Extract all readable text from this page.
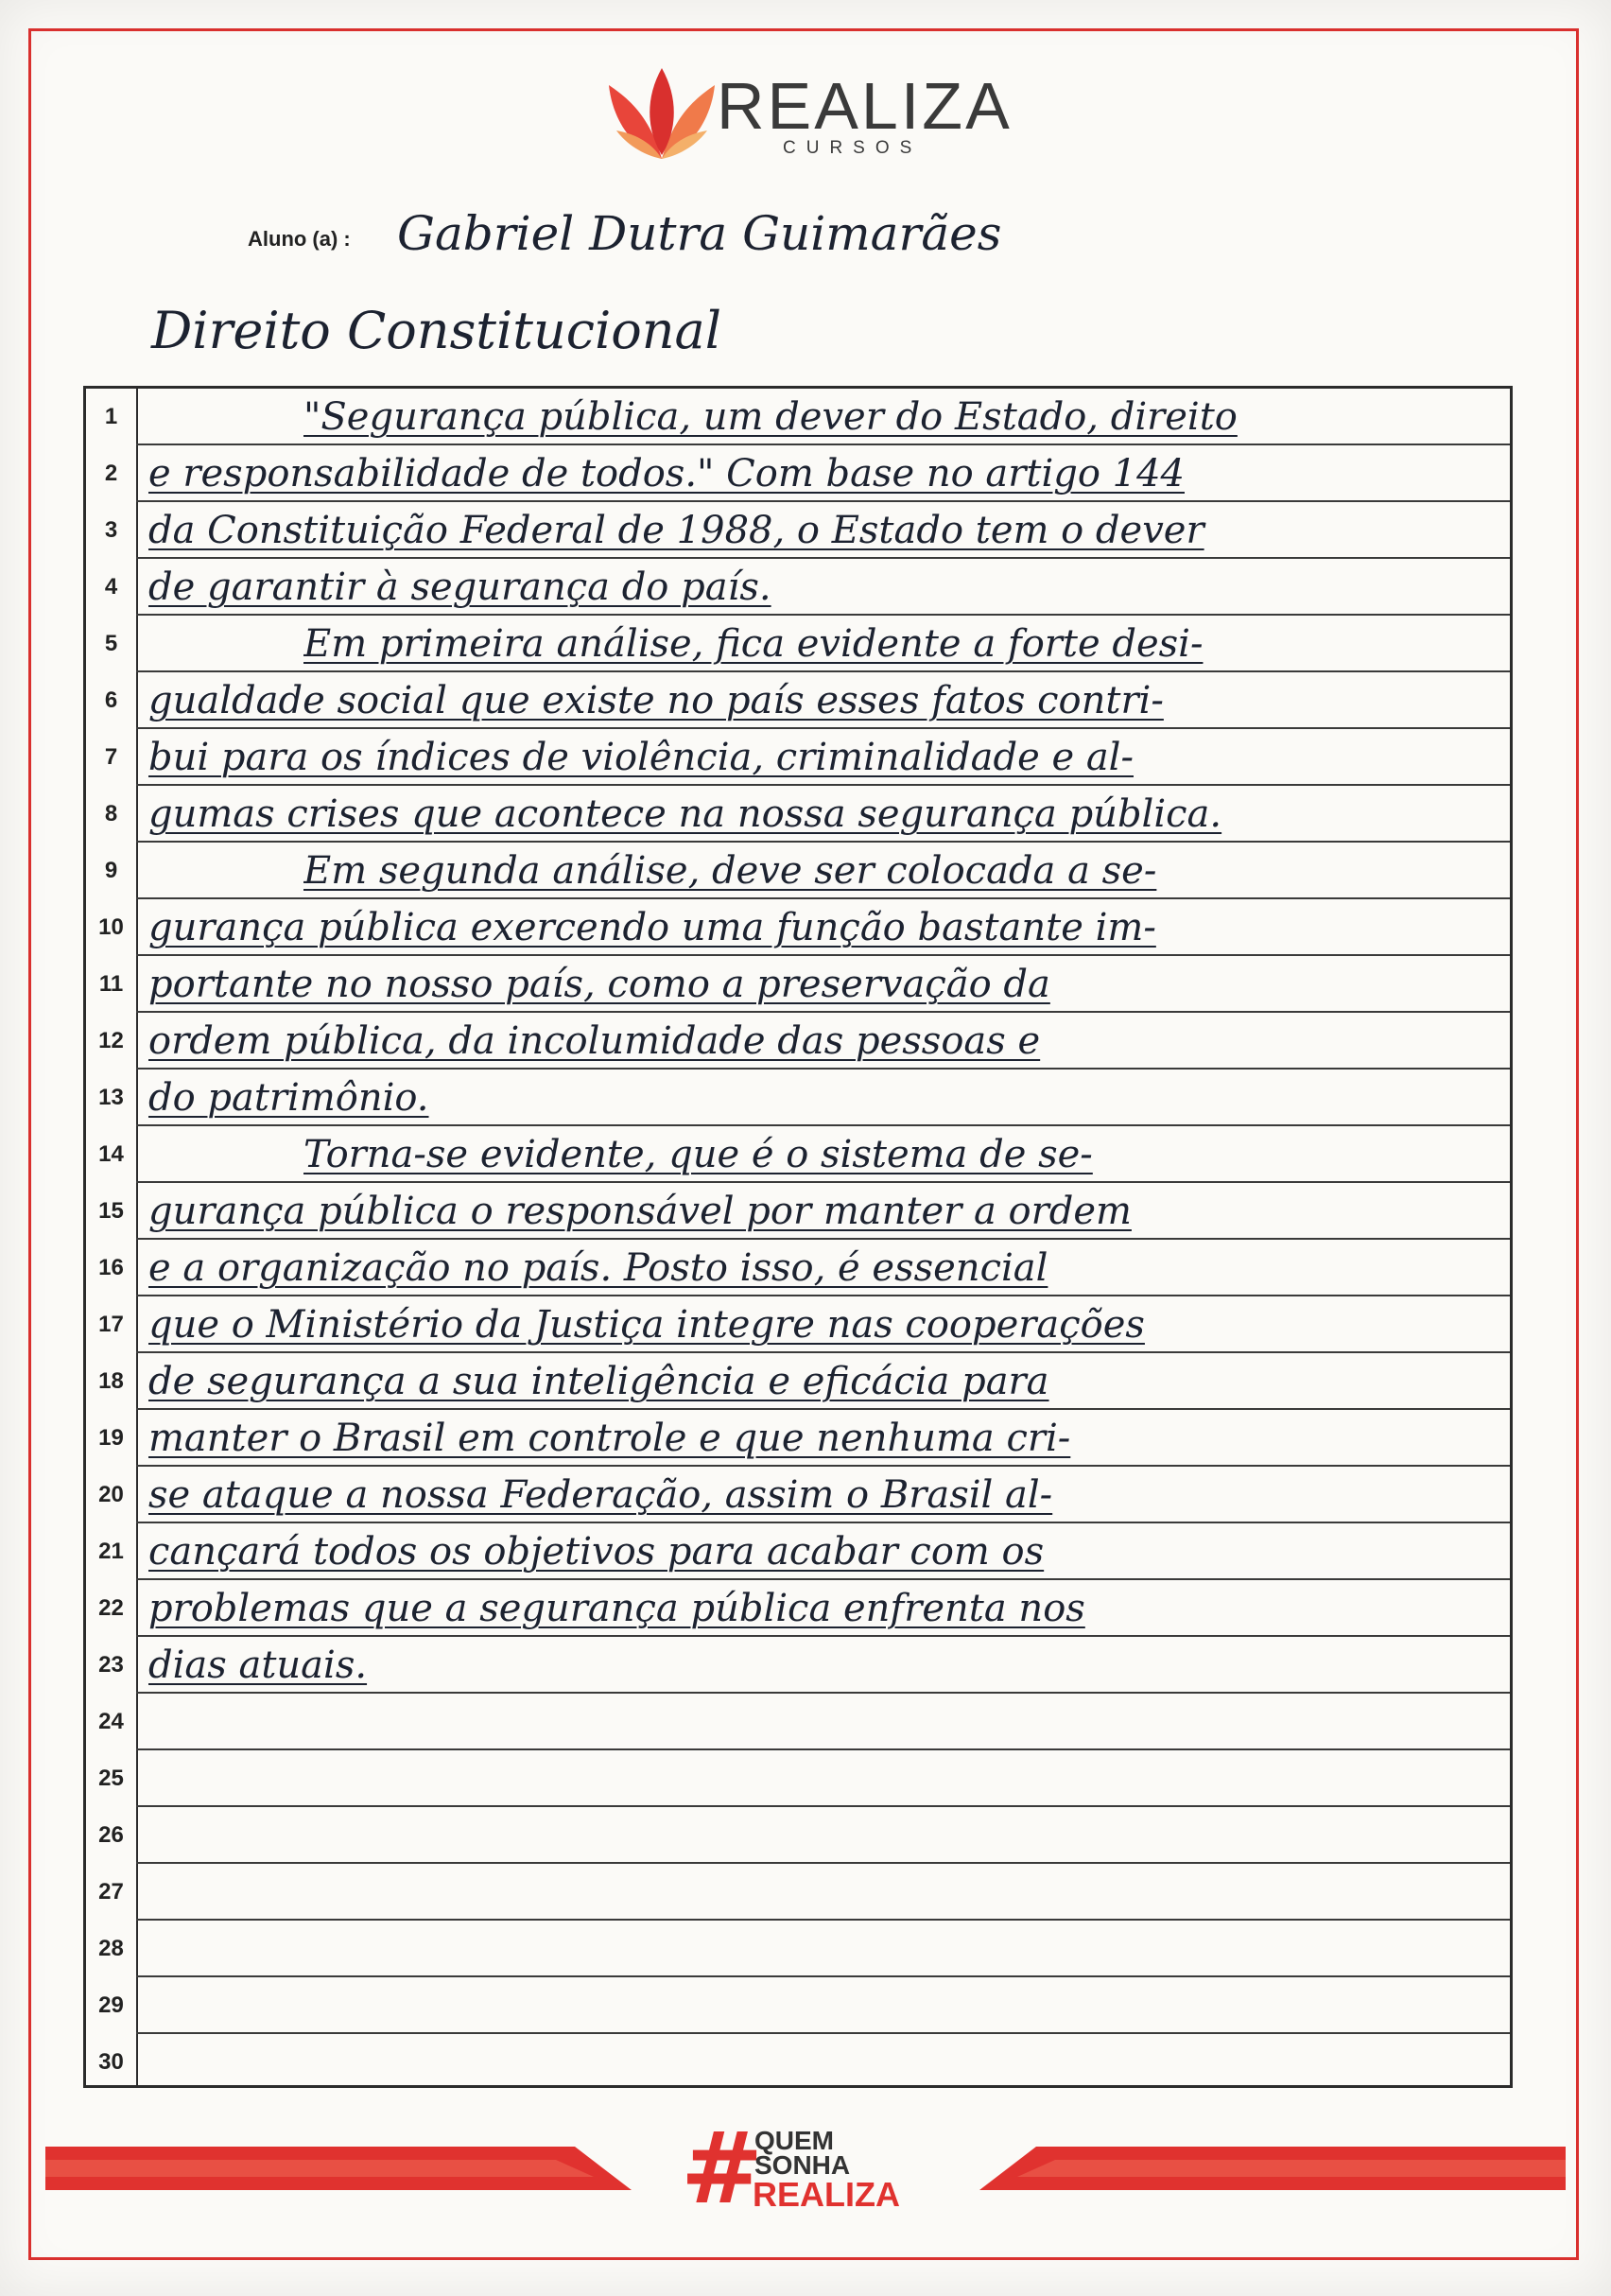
REALIZA
CURSOS
Aluno (a) : Gabriel Dutra Guimarães
Direito Constitucional
1	"Segurança pública, um dever do Estado, direito
2 e responsabilidade de todos." Com base no artigo 144
3 da Constituição Federal de 1988, o Estado tem o dever
4 de garantir à segurança do país.
5	Em primeira análise, fica evidente a forte desi-
6 gualdade social que existe no país esses fatos contri-
7 bui para os índices de violência, criminalidade e al-
8 gumas crises que acontece na nossa segurança pública.
9	Em segunda análise, deve ser colocada a se-
10 gurança pública exercendo uma função bastante im-
11 portante no nosso país, como a preservação da
12 ordem pública, da incolumidade das pessoas e
13 do patrimônio.
14	Torna-se evidente, que é o sistema de se-
15 gurança pública o responsável por manter a ordem
16 e a organização no país. Posto isso, é essencial
17 que o Ministério da Justiça integre nas cooperações
18 de segurança a sua inteligência e eficácia para
19 manter o Brasil em controle e que nenhuma cri-
20 se ataque a nossa Federação, assim o Brasil al-
21 cançará todos os objetivos para acabar com os
22 problemas que a segurança pública enfrenta nos
23 dias atuais.
24
25
26
27
28
29
30
#
QUEM
SONHA
REALIZA
